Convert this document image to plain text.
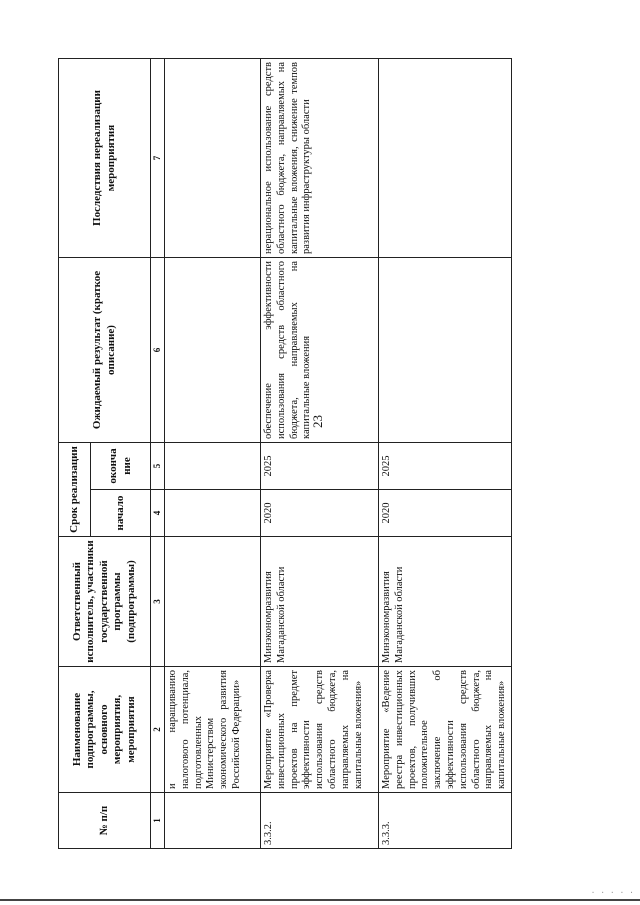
23
№ п/п	Наименование подпрограммы, основного мероприятия, мероприятия	Ответственный исполнитель, участники государственной программы (подпрограммы)	Срок реализации		Ожидаемый результат (краткое описание)	Последствия нереализации мероприятия
			начало	оконча ние		
1	2	3	4	5	6	7
	и наращиванию налогового потенциала, подготовленных Министерством экономического развития Российской Федерации»					
3.3.2.	Мероприятие «Проверка инвестиционных проектов на предмет эффективности использования средств областного бюджета, направляемых на капитальные вложения»	Минэкономразвития Магаданской области	2020	2025	обеспечение эффективности использования средств областного бюджета, направляемых на капитальные вложения	нерациональное использование средств областного бюджета, направляемых на капитальные вложения, снижение темпов развития инфраструктуры области
3.3.3.	Мероприятие «Ведение реестра инвестиционных проектов, получивших положительное заключение об эффективности использования средств областного бюджета, направляемых на капитальные вложения»	Минэкономразвития Магаданской области	2020	2025		
· · · · ·
